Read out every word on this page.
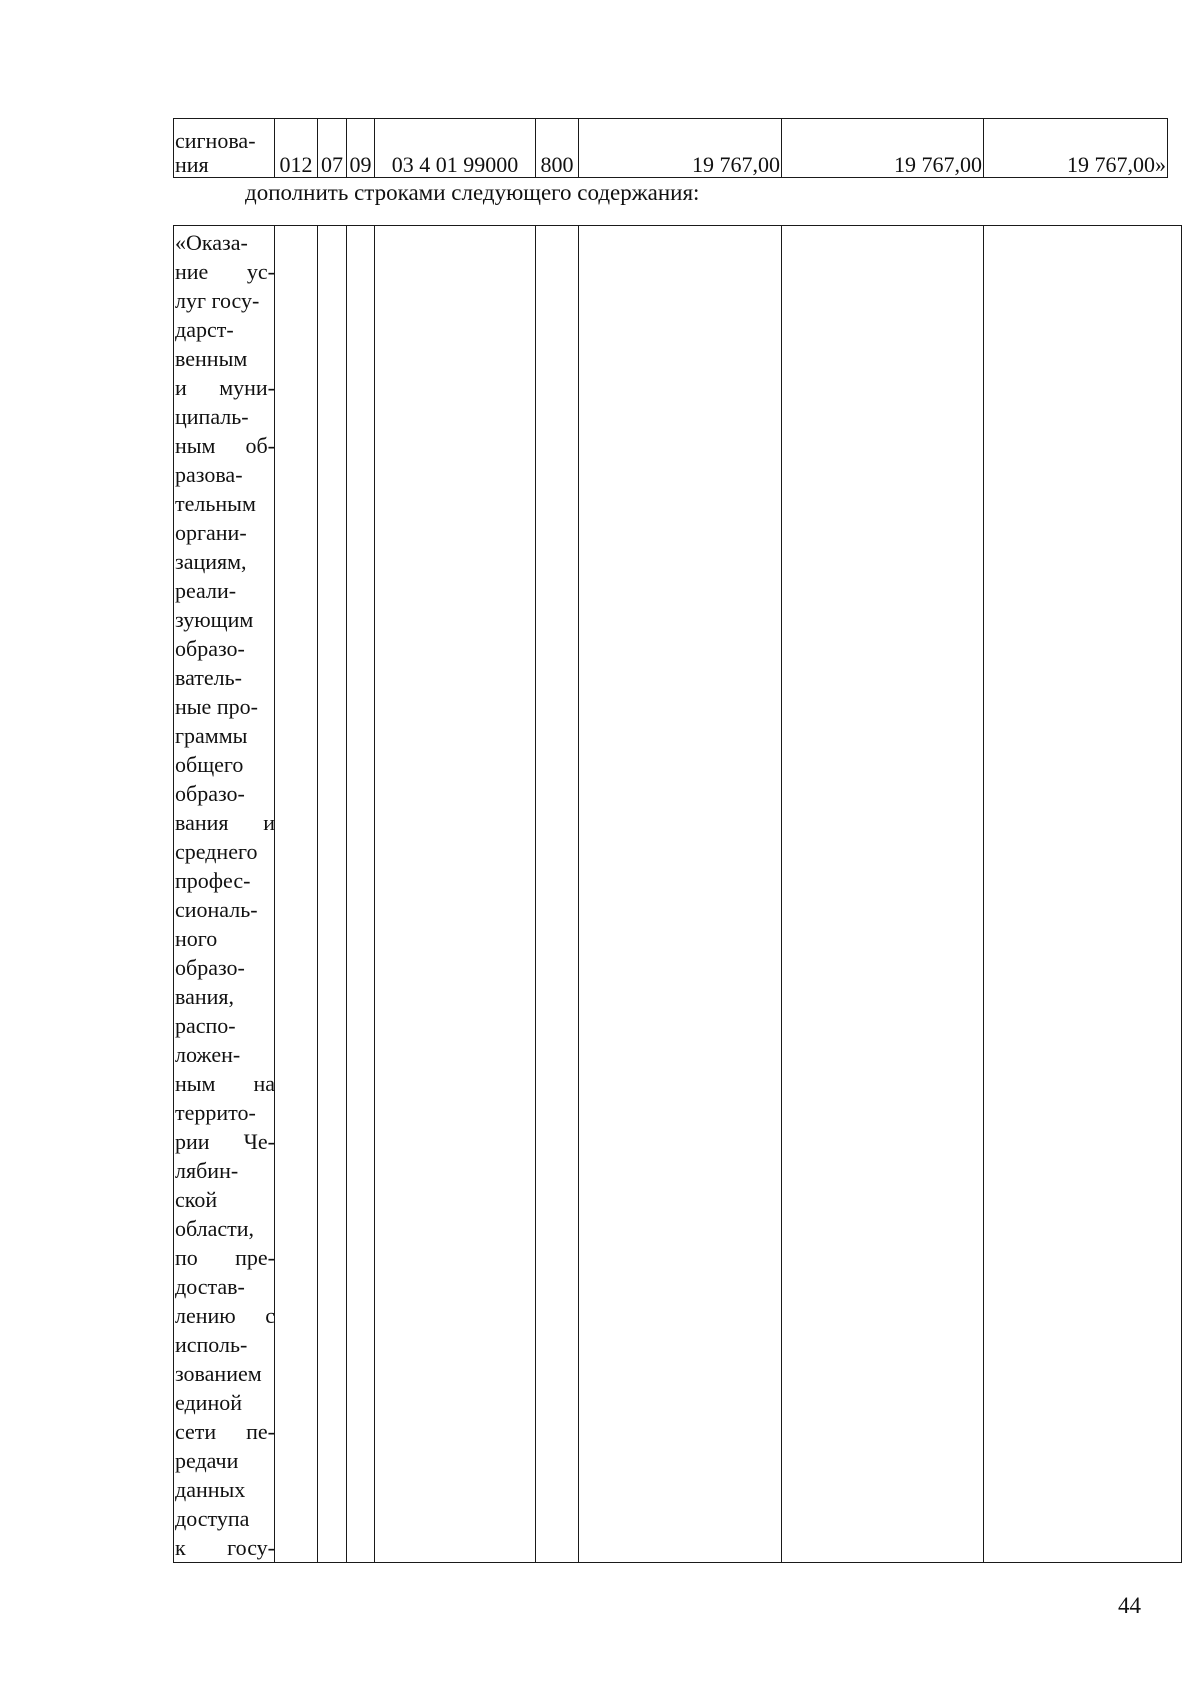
сигнова-
ния	012	07	09	03 4 01 99000	800	19 767,00	19 767,00	19 767,00»
дополнить строками следующего содержания:
«Оказа-
ние ус-
луг госу-
дарст-
венным
и муни-
ципаль-
ным об-
разова-
тельным
органи-
зациям,
реали-
зующим
образо-
ватель-
ные про-
граммы
общего
образо-
вания и
среднего
профес-
сиональ-
ного
образо-
вания,
распо-
ложен-
ным на
террито-
рии Че-
лябин-
ской
области,
по пре-
достав-
лению с
исполь-
зованием
единой
сети пе-
редачи
данных
доступа
к госу-

44
